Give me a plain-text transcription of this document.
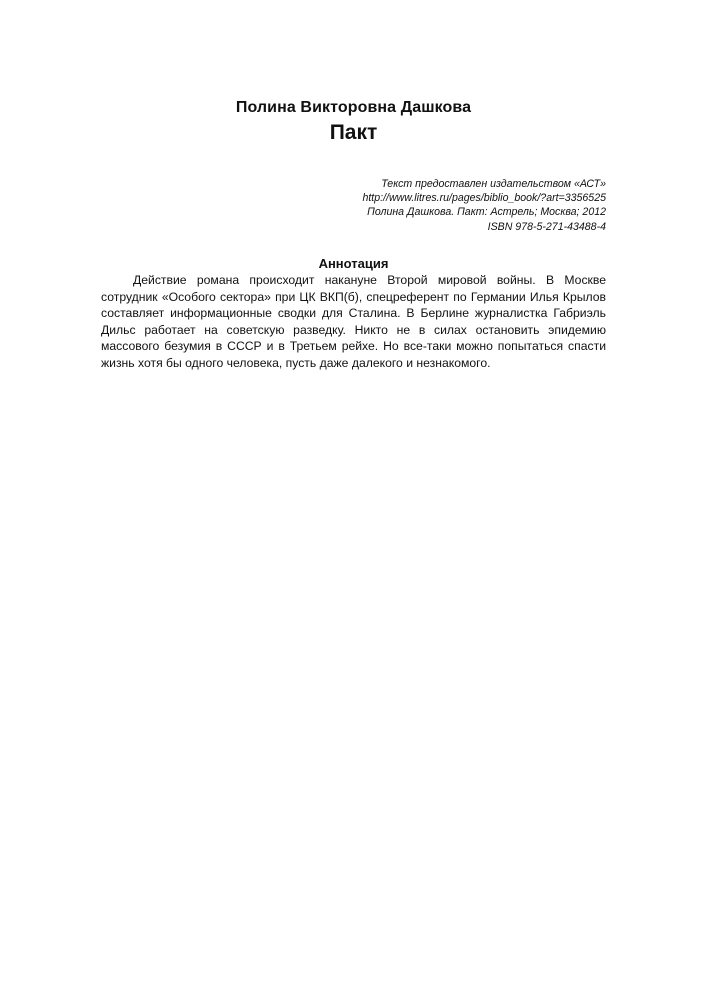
Полина Викторовна Дашкова
Пакт
Текст предоставлен издательством «АСТ»
http://www.litres.ru/pages/biblio_book/?art=3356525
Полина Дашкова. Пакт: Астрель; Москва; 2012
ISBN 978-5-271-43488-4
Аннотация

Действие романа происходит накануне Второй мировой войны. В Москве сотрудник «Особого сектора» при ЦК ВКП(б), спецреферент по Германии Илья Крылов составляет информационные сводки для Сталина. В Берлине журналистка Габриэль Дильс работает на советскую разведку. Никто не в силах остановить эпидемию массового безумия в СССР и в Третьем рейхе. Но все-таки можно попытаться спасти жизнь хотя бы одного человека, пусть даже далекого и незнакомого.
